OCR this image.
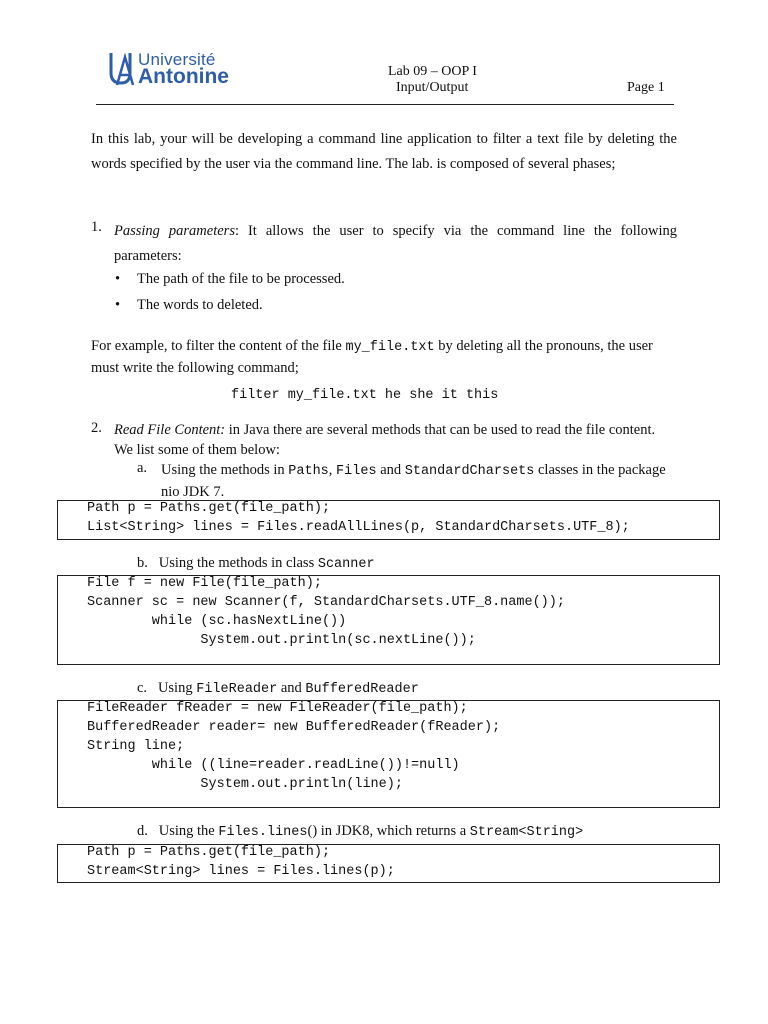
Université
Antonine	Lab 09 – OOP I
Input/Output	Page 1
In this lab, your will be developing a command line application to filter a text file by deleting the words specified by the user via the command line. The lab. is composed of several phases;
1. Passing parameters: It allows the user to specify via the command line the following parameters:
• The path of the file to be processed.
• The words to deleted.
For example, to filter the content of the file my_file.txt by deleting all the pronouns, the user must write the following command;
filter my_file.txt he she it this
2. Read File Content: in Java there are several methods that can be used to read the file content. We list some of them below:
a. Using the methods in Paths, Files and StandardCharsets classes in the package nio JDK 7.
Path p = Paths.get(file_path);
List<String> lines = Files.readAllLines(p, StandardCharsets.UTF_8);
b. Using the methods in class Scanner
File f = new File(file_path);
Scanner sc = new Scanner(f, StandardCharsets.UTF_8.name());
while (sc.hasNextLine())
System.out.println(sc.nextLine());
c. Using FileReader and BufferedReader
FileReader fReader = new FileReader(file_path);
BufferedReader reader= new BufferedReader(fReader);
String line;
while ((line=reader.readLine())!=null)
System.out.println(line);
d. Using the Files.lines() in JDK8, which returns a Stream<String>
Path p = Paths.get(file_path);
Stream<String> lines = Files.lines(p);
